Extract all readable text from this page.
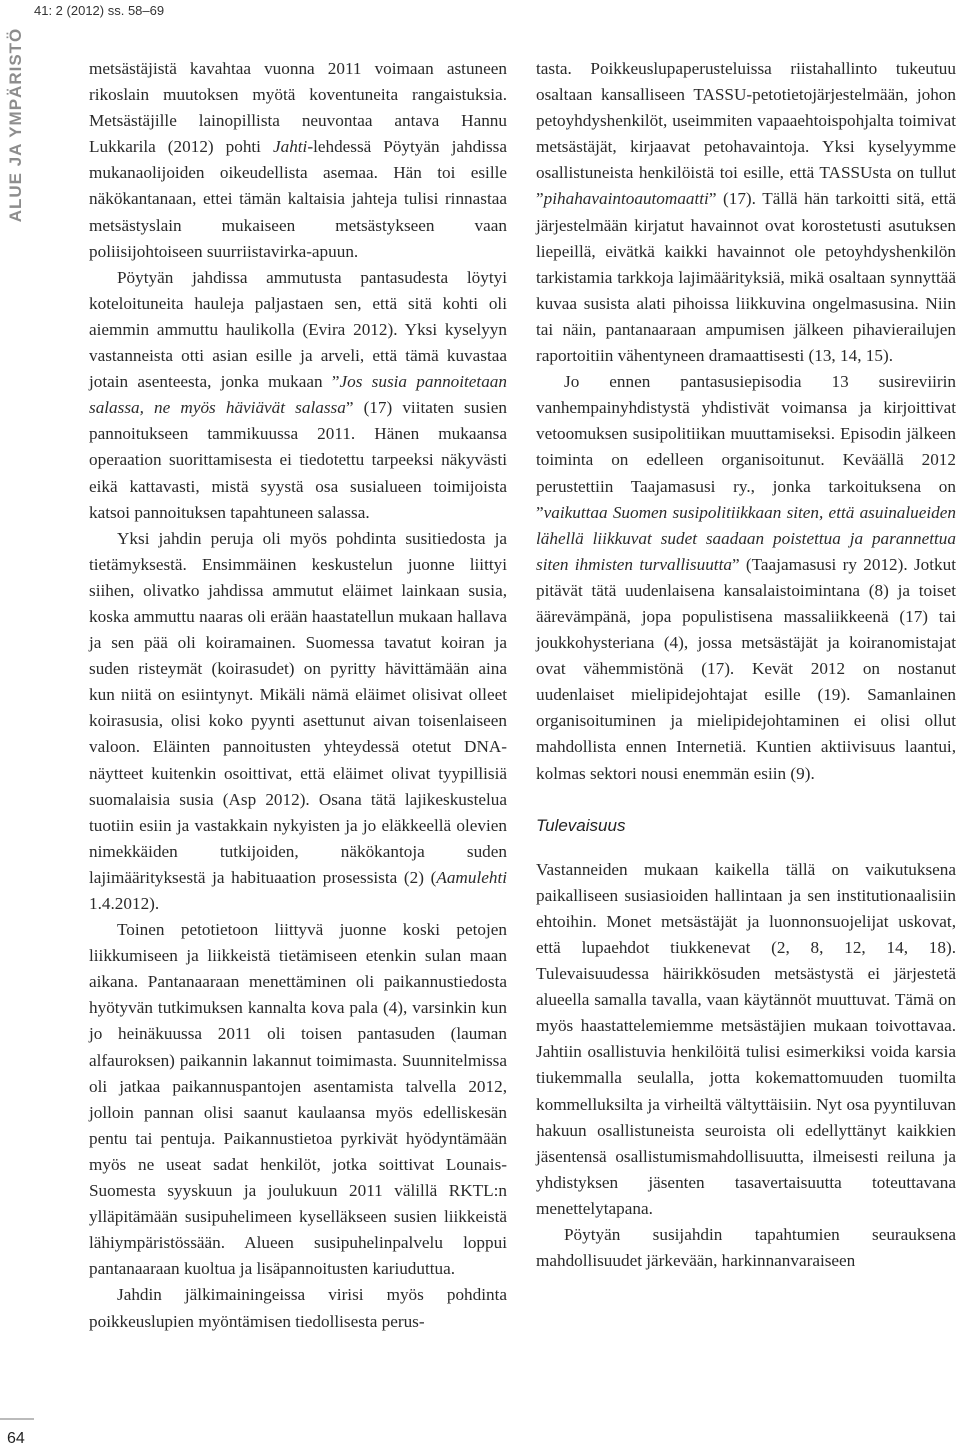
41: 2 (2012) ss. 58–69
ALUE JA YMPÄRISTÖ
64

metsästäjistä kavahtaa vuonna 2011 voimaan astuneen rikoslain muutoksen myötä koventuneita rangaistuksia. Metsästäjille lainopillista neuvontaa antava Hannu Lukkarila (2012) pohti Jahti-lehdessä Pöytyän jahdissa mukanaolijoiden oikeudellista asemaa. Hän toi esille näkökantanaan, ettei tämän kaltaisia jahteja tulisi rinnastaa metsästyslain mukaiseen metsästykseen vaan poliisijohtoiseen suurriistavirka-apuun.

Pöytyän jahdissa ammutusta pantasudesta löytyi koteloituneita hauleja paljastaen sen, että sitä kohti oli aiemmin ammuttu haulikolla (Evira 2012). Yksi kyselyyn vastanneista otti asian esille ja arveli, että tämä kuvastaa jotain asenteesta, jonka mukaan ”Jos susia pannoitetaan salassa, ne myös häviävät salassa” (17) viitaten susien pannoitukseen tammikuussa 2011. Hänen mukaansa operaation suorittamisesta ei tiedotettu tarpeeksi näkyvästi eikä kattavasti, mistä syystä osa susialueen toimijoista katsoi pannoituksen tapahtuneen salassa.

Yksi jahdin peruja oli myös pohdinta susitiedosta ja tietämyksestä. Ensimmäinen keskustelun juonne liittyi siihen, olivatko jahdissa ammutut eläimet lainkaan susia, koska ammuttu naaras oli erään haastatellun mukaan hallava ja sen pää oli koiramainen. Suomessa tavatut koiran ja suden risteymät (koirasudet) on pyritty hävittämään aina kun niitä on esiintynyt. Mikäli nämä eläimet olisivat olleet koirasusia, olisi koko pyynti asettunut aivan toisenlaiseen valoon. Eläinten pannoitusten yhteydessä otetut DNA-näytteet kuitenkin osoittivat, että eläimet olivat tyypillisiä suomalaisia susia (Asp 2012). Osana tätä lajikeskustelua tuotiin esiin ja vastakkain nykyisten ja jo eläkkeellä olevien nimekkäiden tutkijoiden, näkökantoja suden lajimäärityksestä ja habituaation prosessista (2) (Aamulehti 1.4.2012).

Toinen petotietoon liittyvä juonne koski petojen liikkumiseen ja liikkeistä tietämiseen etenkin sulan maan aikana. Pantanaaraan menettäminen oli paikannustiedosta hyötyvän tutkimuksen kannalta kova pala (4), varsinkin kun jo heinäkuussa 2011 oli toisen pantasuden (lauman alfauroksen) paikannin lakannut toimimasta. Suunnitelmissa oli jatkaa paikannuspantojen asentamista talvella 2012, jolloin pannan olisi saanut kaulaansa myös edelliskesän pentu tai pentuja. Paikannustietoa pyrkivät hyödyntämään myös ne useat sadat henkilöt, jotka soittivat Lounais-Suomesta syyskuun ja joulukuun 2011 välillä RKTL:n ylläpitämään susipuhelimeen kyselläkseen susien liikkeistä lähiympäristössään. Alueen susipuhelinpalvelu loppui pantanaaraan kuoltua ja lisäpannoitusten kariuduttua.

Jahdin jälkimainingeissa virisi myös pohdinta poikkeuslupien myöntämisen tiedollisesta perus-

tasta. Poikkeuslupaperusteluissa riistahallinto tukeutuu osaltaan kansalliseen TASSU-petotietojärjestelmään, johon petoyhdyshenkilöt, useimmiten vapaaehtoispohjalta toimivat metsästäjät, kirjaavat petohavaintoja. Yksi kyselyymme osallistuneista henkilöistä toi esille, että TASSUsta on tullut ”pihahavaintoautomaatti” (17). Tällä hän tarkoitti sitä, että järjestelmään kirjatut havainnot ovat korostetusti asutuksen liepeillä, eivätkä kaikki havainnot ole petoyhdyshenkilön tarkistamia tarkkoja lajimäärityksiä, mikä osaltaan synnyttää kuvaa susista alati pihoissa liikkuvina ongelmasusina. Niin tai näin, pantanaaraan ampumisen jälkeen pihavierailujen raportoitiin vähentyneen dramaattisesti (13, 14, 15).

Jo ennen pantasusiepisodia 13 susireviirin vanhempainyhdistystä yhdistivät voimansa ja kirjoittivat vetoomuksen susipolitiikan muuttamiseksi. Episodin jälkeen toiminta on edelleen organisoitunut. Keväällä 2012 perustettiin Taajamasusi ry., jonka tarkoituksena on ”vaikuttaa Suomen susipolitiikkaan siten, että asuinalueiden lähellä liikkuvat sudet saadaan poistettua ja parannettua siten ihmisten turvallisuutta” (Taajamasusi ry 2012). Jotkut pitävät tätä uudenlaisena kansalaistoimintana (8) ja toiset äärevämpänä, jopa populistisena massaliikkeenä (17) tai joukkohysteriana (4), jossa metsästäjät ja koiranomistajat ovat vähemmistönä (17). Kevät 2012 on nostanut uudenlaiset mielipidejohtajat esille (19). Samanlainen organisoituminen ja mielipidejohtaminen ei olisi ollut mahdollista ennen Internetiä. Kuntien aktiivisuus laantui, kolmas sektori nousi enemmän esiin (9).

Tulevaisuus

Vastanneiden mukaan kaikella tällä on vaikutuksena paikalliseen susiasioiden hallintaan ja sen institutionaalisiin ehtoihin. Monet metsästäjät ja luonnonsuojelijat uskovat, että lupaehdot tiukkenevat (2, 8, 12, 14, 18). Tulevaisuudessa häirikkösuden metsästystä ei järjestetä alueella samalla tavalla, vaan käytännöt muuttuvat. Tämä on myös haastattelemiemme metsästäjien mukaan toivottavaa. Jahtiin osallistuvia henkilöitä tulisi esimerkiksi voida karsia tiukemmalla seulalla, jotta kokemattomuuden tuomilta kommelluksilta ja virheiltä vältyttäisiin. Nyt osa pyyntiluvan hakuun osallistuneista seuroista oli edellyttänyt kaikkien jäsentensä osallistumismahdollisuutta, ilmeisesti reiluna ja yhdistyksen jäsenten tasavertaisuutta toteuttavana menettelytapana.

Pöytyän susijahdin tapahtumien seurauksena mahdollisuudet järkevään, harkinnanvaraiseen
